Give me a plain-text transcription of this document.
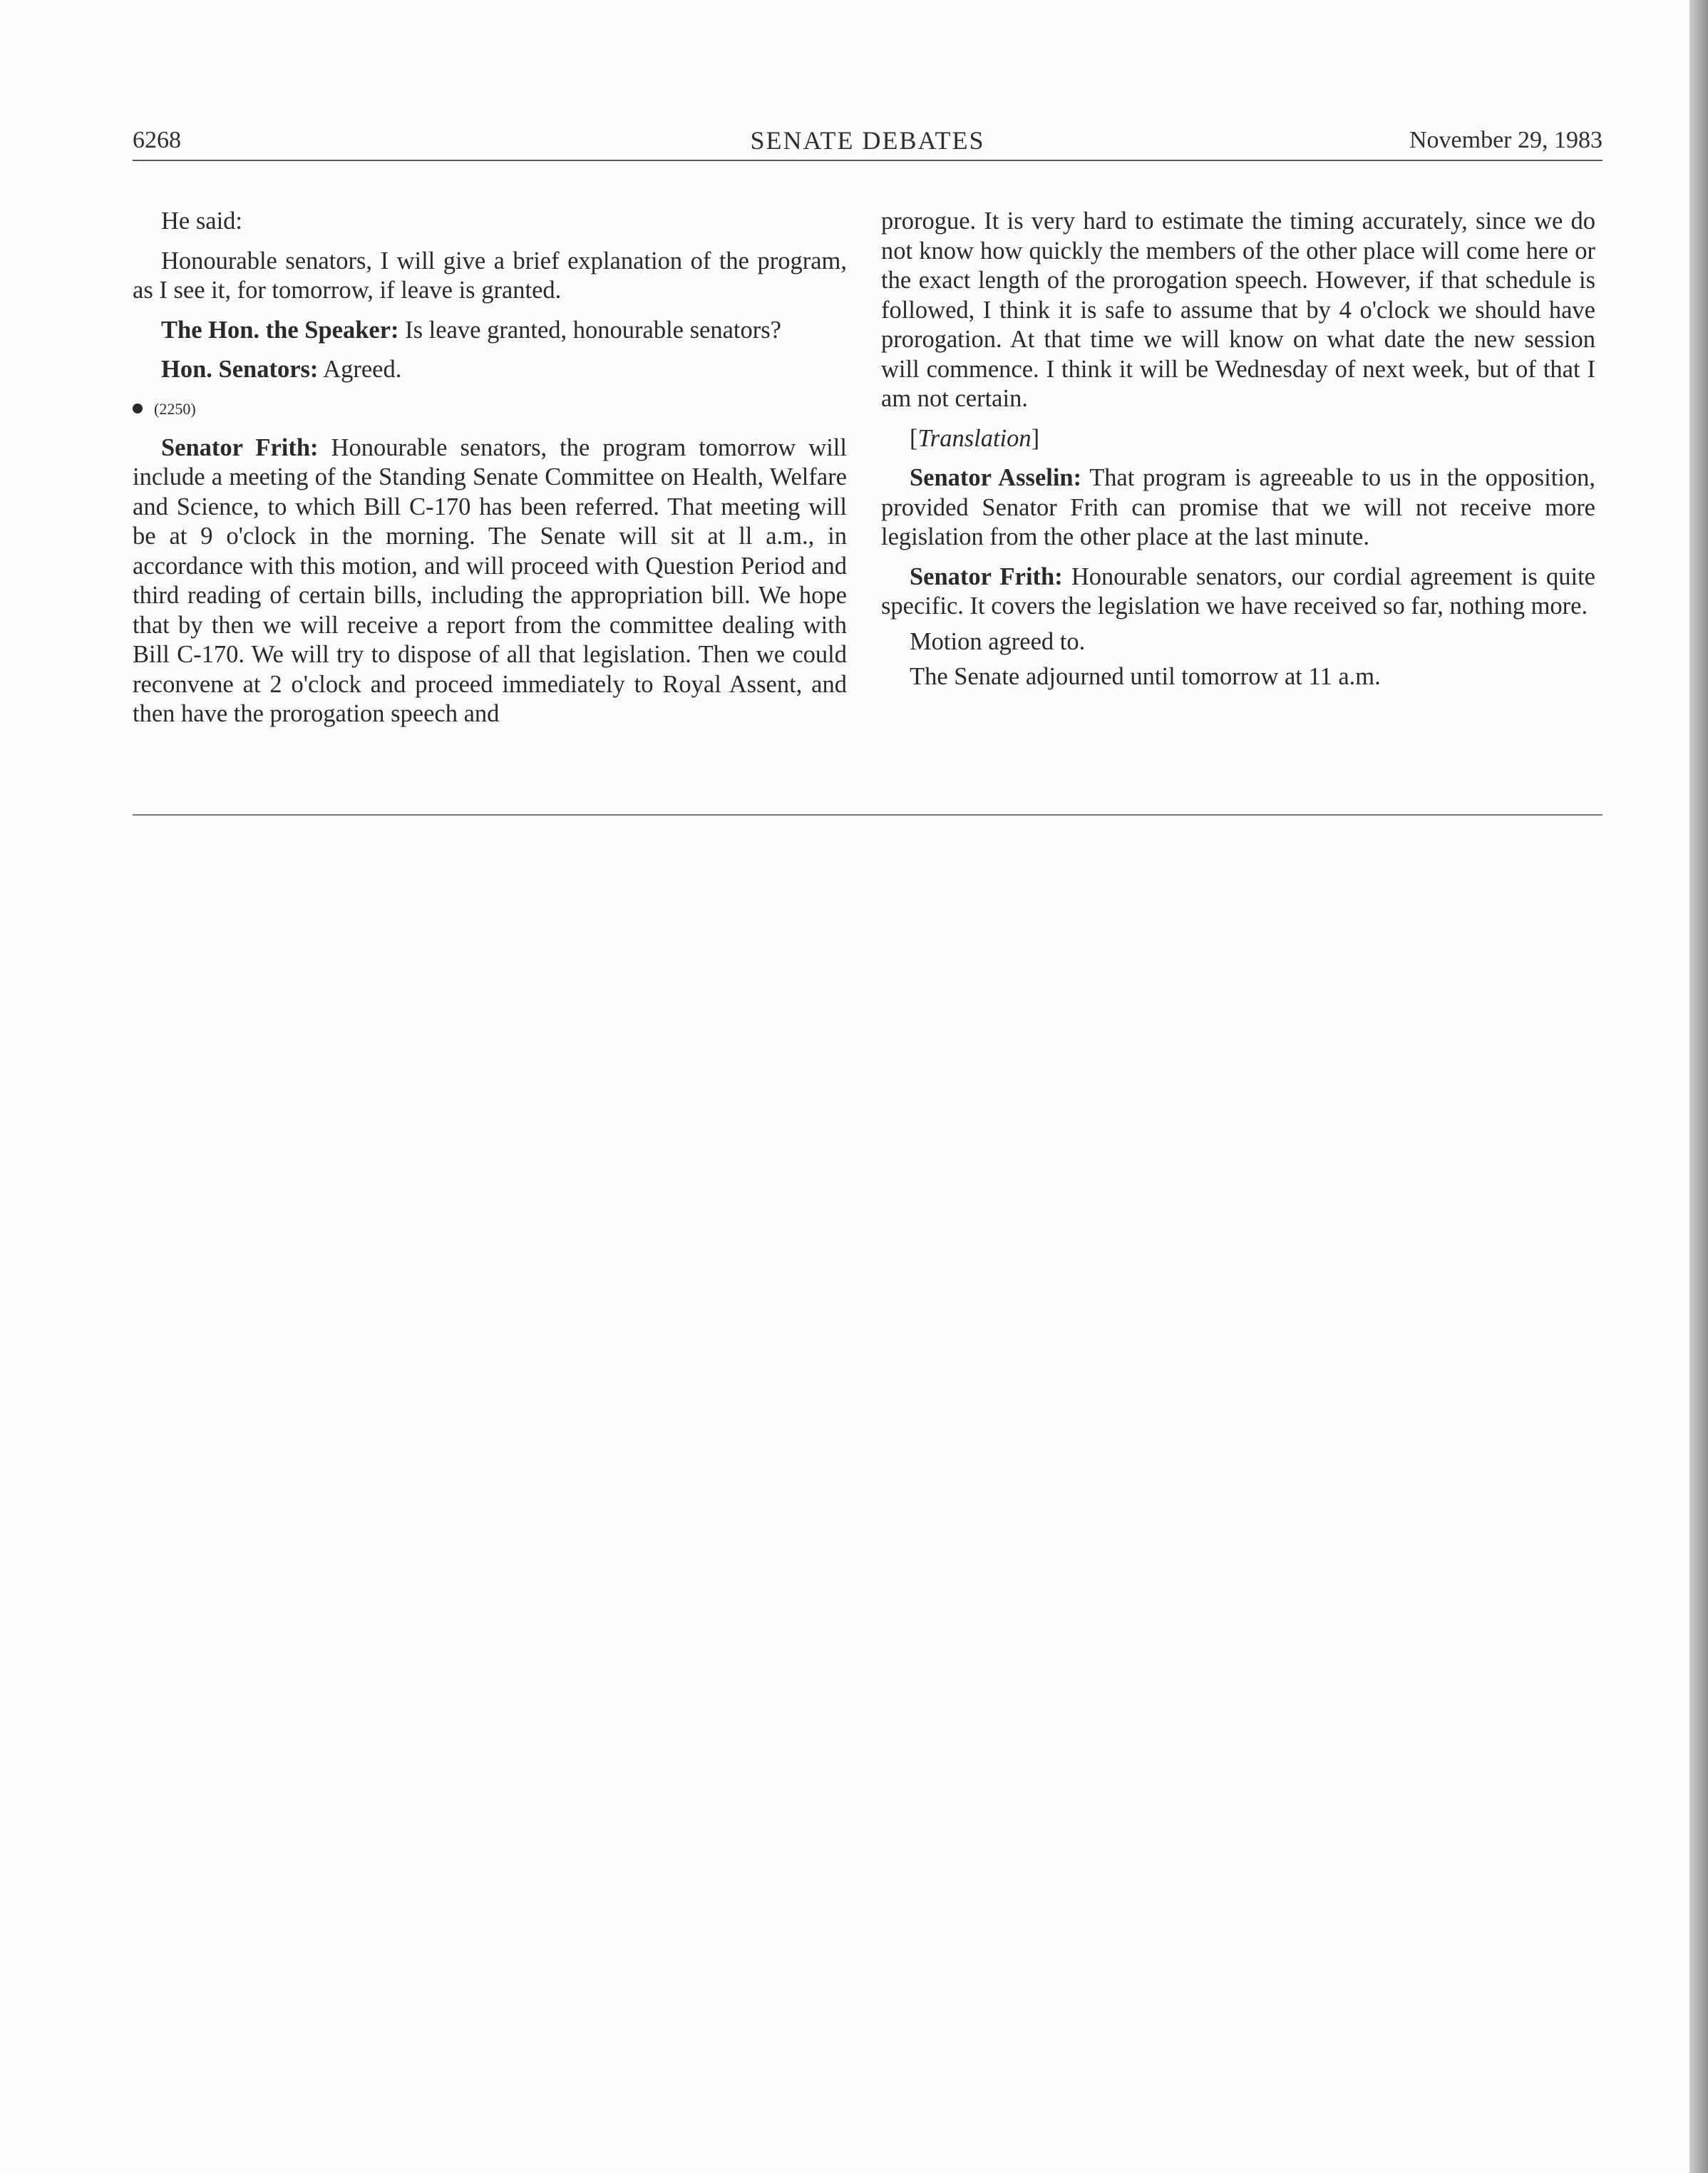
6268	SENATE DEBATES	November 29, 1983

He said:

Honourable senators, I will give a brief explanation of the program, as I see it, for tomorrow, if leave is granted.

The Hon. the Speaker: Is leave granted, honourable senators?

Hon. Senators: Agreed.

(2250)

Senator Frith: Honourable senators, the program tomorrow will include a meeting of the Standing Senate Committee on Health, Welfare and Science, to which Bill C-170 has been referred. That meeting will be at 9 o'clock in the morning. The Senate will sit at ll a.m., in accordance with this motion, and will proceed with Question Period and third reading of certain bills, including the appropriation bill. We hope that by then we will receive a report from the committee dealing with Bill C-170. We will try to dispose of all that legislation. Then we could reconvene at 2 o'clock and proceed immediately to Royal Assent, and then have the prorogation speech and

prorogue. It is very hard to estimate the timing accurately, since we do not know how quickly the members of the other place will come here or the exact length of the prorogation speech. However, if that schedule is followed, I think it is safe to assume that by 4 o'clock we should have prorogation. At that time we will know on what date the new session will commence. I think it will be Wednesday of next week, but of that I am not certain.

[Translation]

Senator Asselin: That program is agreeable to us in the opposition, provided Senator Frith can promise that we will not receive more legislation from the other place at the last minute.

Senator Frith: Honourable senators, our cordial agreement is quite specific. It covers the legislation we have received so far, nothing more.

Motion agreed to.

The Senate adjourned until tomorrow at 11 a.m.
